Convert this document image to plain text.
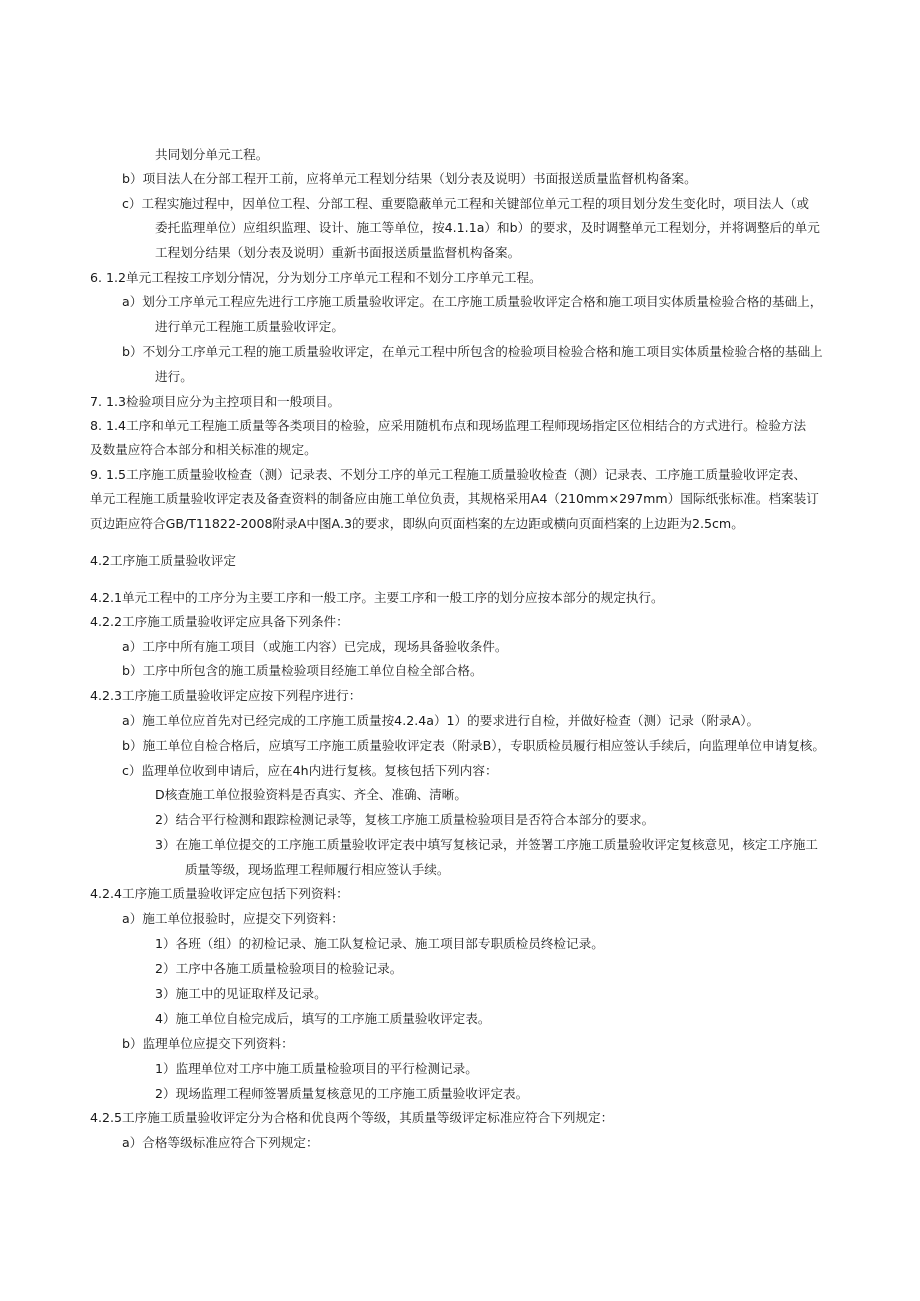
共同划分单元工程。
b）项目法人在分部工程开工前，应将单元工程划分结果（划分表及说明）书面报送质量监督机构备案。
c）工程实施过程中，因单位工程、分部工程、重要隐蔽单元工程和关键部位单元工程的项目划分发生变化时，项目法人（或
委托监理单位）应组织监理、设计、施工等单位，按4.1.1a）和b）的要求，及时调整单元工程划分，并将调整后的单元
工程划分结果（划分表及说明）重新书面报送质量监督机构备案。
6. 1.2单元工程按工序划分情况，分为划分工序单元工程和不划分工序单元工程。
a）划分工序单元工程应先进行工序施工质量验收评定。在工序施工质量验收评定合格和施工项目实体质量检验合格的基础上，
进行单元工程施工质量验收评定。
b）不划分工序单元工程的施工质量验收评定，在单元工程中所包含的检验项目检验合格和施工项目实体质量检验合格的基础上
进行。
7. 1.3检验项目应分为主控项目和一般项目。
8. 1.4工序和单元工程施工质量等各类项目的检验，应采用随机布点和现场监理工程师现场指定区位相结合的方式进行。检验方法
及数量应符合本部分和相关标准的规定。
9. 1.5工序施工质量验收检查（测）记录表、不划分工序的单元工程施工质量验收检查（测）记录表、工序施工质量验收评定表、
单元工程施工质量验收评定表及备查资料的制备应由施工单位负责，其规格采用A4（210mm×297mm）国际纸张标准。档案装订
页边距应符合GB/T11822-2008附录A中图A.3的要求，即纵向页面档案的左边距或横向页面档案的上边距为2.5cm。
4.2工序施工质量验收评定
4.2.1单元工程中的工序分为主要工序和一般工序。主要工序和一般工序的划分应按本部分的规定执行。
4.2.2工序施工质量验收评定应具备下列条件：
a）工序中所有施工项目（或施工内容）已完成，现场具备验收条件。
b）工序中所包含的施工质量检验项目经施工单位自检全部合格。
4.2.3工序施工质量验收评定应按下列程序进行：
a）施工单位应首先对已经完成的工序施工质量按4.2.4a）1）的要求进行自检，并做好检查（测）记录（附录A）。
b）施工单位自检合格后，应填写工序施工质量验收评定表（附录B），专职质检员履行相应签认手续后，向监理单位申请复核。
c）监理单位收到申请后，应在4h内进行复核。复核包括下列内容：
D核查施工单位报验资料是否真实、齐全、准确、清晰。
2）结合平行检测和跟踪检测记录等，复核工序施工质量检验项目是否符合本部分的要求。
3）在施工单位提交的工序施工质量验收评定表中填写复核记录，并签署工序施工质量验收评定复核意见，核定工序施工
质量等级，现场监理工程师履行相应签认手续。
4.2.4工序施工质量验收评定应包括下列资料：
a）施工单位报验时，应提交下列资料：
1）各班（组）的初检记录、施工队复检记录、施工项目部专职质检员终检记录。
2）工序中各施工质量检验项目的检验记录。
3）施工中的见证取样及记录。
4）施工单位自检完成后，填写的工序施工质量验收评定表。
b）监理单位应提交下列资料：
1）监理单位对工序中施工质量检验项目的平行检测记录。
2）现场监理工程师签署质量复核意见的工序施工质量验收评定表。
4.2.5工序施工质量验收评定分为合格和优良两个等级，其质量等级评定标准应符合下列规定：
a）合格等级标准应符合下列规定：
